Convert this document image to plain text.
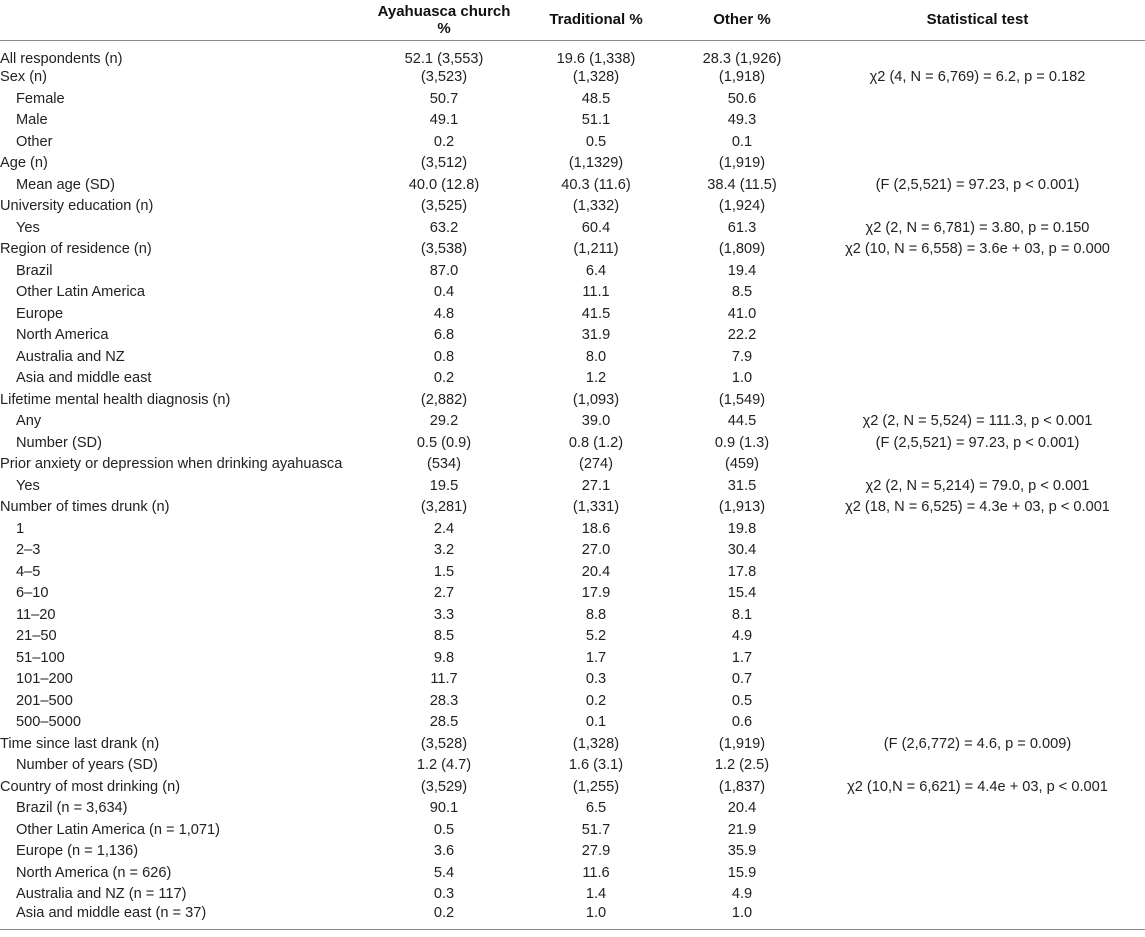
	Ayahuasca church %	Traditional %	Other %	Statistical test
All respondents (n)	52.1 (3,553)	19.6 (1,338)	28.3 (1,926)	
Sex (n)	(3,523)	(1,328)	(1,918)	χ2 (4, N = 6,769) = 6.2, p = 0.182
Female	50.7	48.5	50.6	
Male	49.1	51.1	49.3	
Other	0.2	0.5	0.1	
Age (n)	(3,512)	(1,1329)	(1,919)	
Mean age (SD)	40.0 (12.8)	40.3 (11.6)	38.4 (11.5)	(F (2,5,521) = 97.23, p < 0.001)
University education (n)	(3,525)	(1,332)	(1,924)	
Yes	63.2	60.4	61.3	χ2 (2, N = 6,781) = 3.80, p = 0.150
Region of residence (n)	(3,538)	(1,211)	(1,809)	χ2 (10, N = 6,558) = 3.6e + 03, p = 0.000
Brazil	87.0	6.4	19.4	
Other Latin America	0.4	11.1	8.5	
Europe	4.8	41.5	41.0	
North America	6.8	31.9	22.2	
Australia and NZ	0.8	8.0	7.9	
Asia and middle east	0.2	1.2	1.0	
Lifetime mental health diagnosis (n)	(2,882)	(1,093)	(1,549)	
Any	29.2	39.0	44.5	χ2 (2, N = 5,524) = 111.3, p < 0.001
Number (SD)	0.5 (0.9)	0.8 (1.2)	0.9 (1.3)	(F (2,5,521) = 97.23, p < 0.001)
Prior anxiety or depression when drinking ayahuasca	(534)	(274)	(459)	
Yes	19.5	27.1	31.5	χ2 (2, N = 5,214) = 79.0, p < 0.001
Number of times drunk (n)	(3,281)	(1,331)	(1,913)	χ2 (18, N = 6,525) = 4.3e + 03, p < 0.001
1	2.4	18.6	19.8	
2–3	3.2	27.0	30.4	
4–5	1.5	20.4	17.8	
6–10	2.7	17.9	15.4	
11–20	3.3	8.8	8.1	
21–50	8.5	5.2	4.9	
51–100	9.8	1.7	1.7	
101–200	11.7	0.3	0.7	
201–500	28.3	0.2	0.5	
500–5000	28.5	0.1	0.6	
Time since last drank (n)	(3,528)	(1,328)	(1,919)	(F (2,6,772) = 4.6, p = 0.009)
Number of years (SD)	1.2 (4.7)	1.6 (3.1)	1.2 (2.5)	
Country of most drinking (n)	(3,529)	(1,255)	(1,837)	χ2 (10,N = 6,621) = 4.4e + 03, p < 0.001
Brazil (n = 3,634)	90.1	6.5	20.4	
Other Latin America (n = 1,071)	0.5	51.7	21.9	
Europe (n = 1,136)	3.6	27.9	35.9	
North America (n = 626)	5.4	11.6	15.9	
Australia and NZ (n = 117)	0.3	1.4	4.9	
Asia and middle east (n = 37)	0.2	1.0	1.0	
